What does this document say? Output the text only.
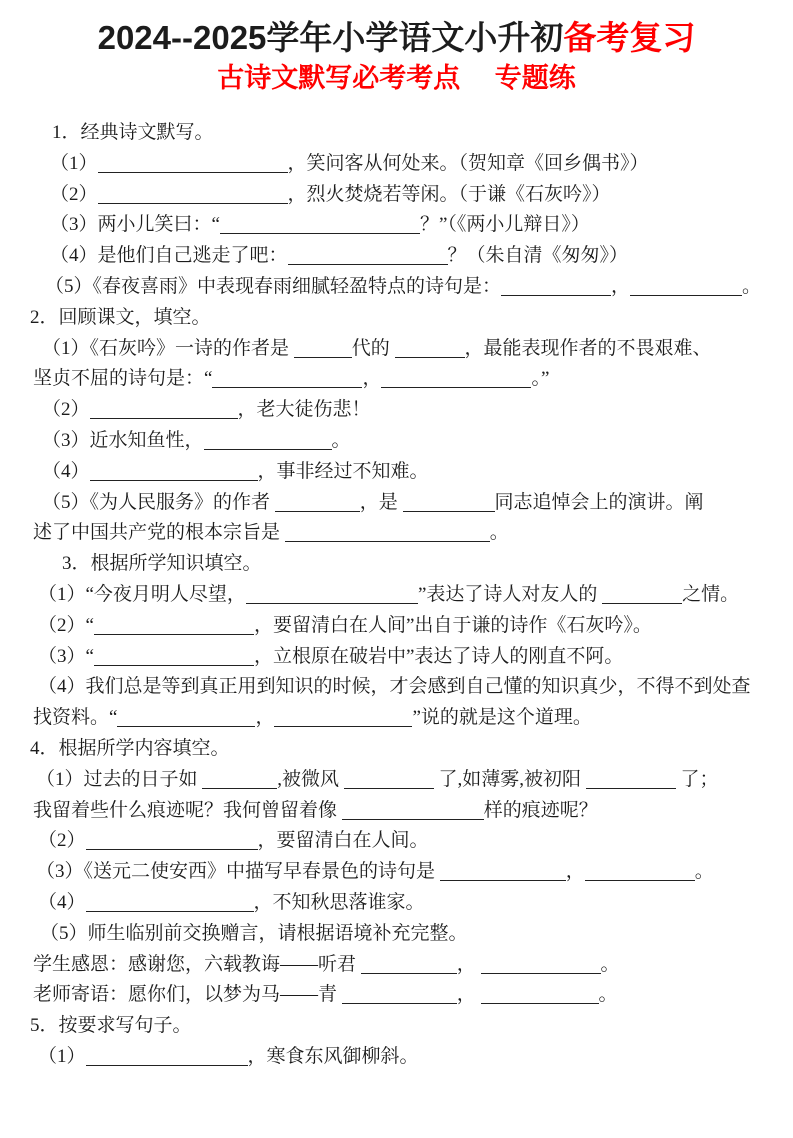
2024--2025学年小学语文小升初备考复习
古诗文默写必考考点　 专题练
1．经典诗文默写。
（1）	，笑问客从何处来。（贺知章《回乡偶书》）
（2）	，烈火焚烧若等闲。（于谦《石灰吟》）
（3）两小儿笑曰：“	？”（《两小儿辩日》）
（4）是他们自己逃走了吧：	？（朱自清《匆匆》）
（5）《春夜喜雨》中表现春雨细腻轻盈特点的诗句是：	，	。
2．回顾课文，填空。
（1）《石灰吟》一诗的作者是	代的	，最能表现作者的不畏艰难、
坚贞不屈的诗句是：“	，	。”
（2）	，老大徒伤悲！
（3）近水知鱼性，	。
（4）	，事非经过不知难。
（5）《为人民服务》的作者	，是	同志追悼会上的演讲。阐
述了中国共产党的根本宗旨是	。
3．根据所学知识填空。
（1）“今夜月明人尽望，	”表达了诗人对友人的	之情。
（2）“	，要留清白在人间”出自于谦的诗作《石灰吟》。
（3）“	，立根原在破岩中”表达了诗人的刚直不阿。
（4）我们总是等到真正用到知识的时候，才会感到自己懂的知识真少，不得不到处查
找资料。“	，	”说的就是这个道理。
4．根据所学内容填空。
（1）过去的日子如	,被微风	了,如薄雾,被初阳	了；
我留着些什么痕迹呢？我何曾留着像	样的痕迹呢？
（2）	，要留清白在人间。
（3）《送元二使安西》中描写早春景色的诗句是	，	。
（4）	，不知秋思落谁家。
（5）师生临别前交换赠言，请根据语境补充完整。
学生感恩：感谢您，六载教诲——听君	，	。
老师寄语：愿你们，以梦为马——青	，	。
5．按要求写句子。
（1）	，寒食东风御柳斜。
